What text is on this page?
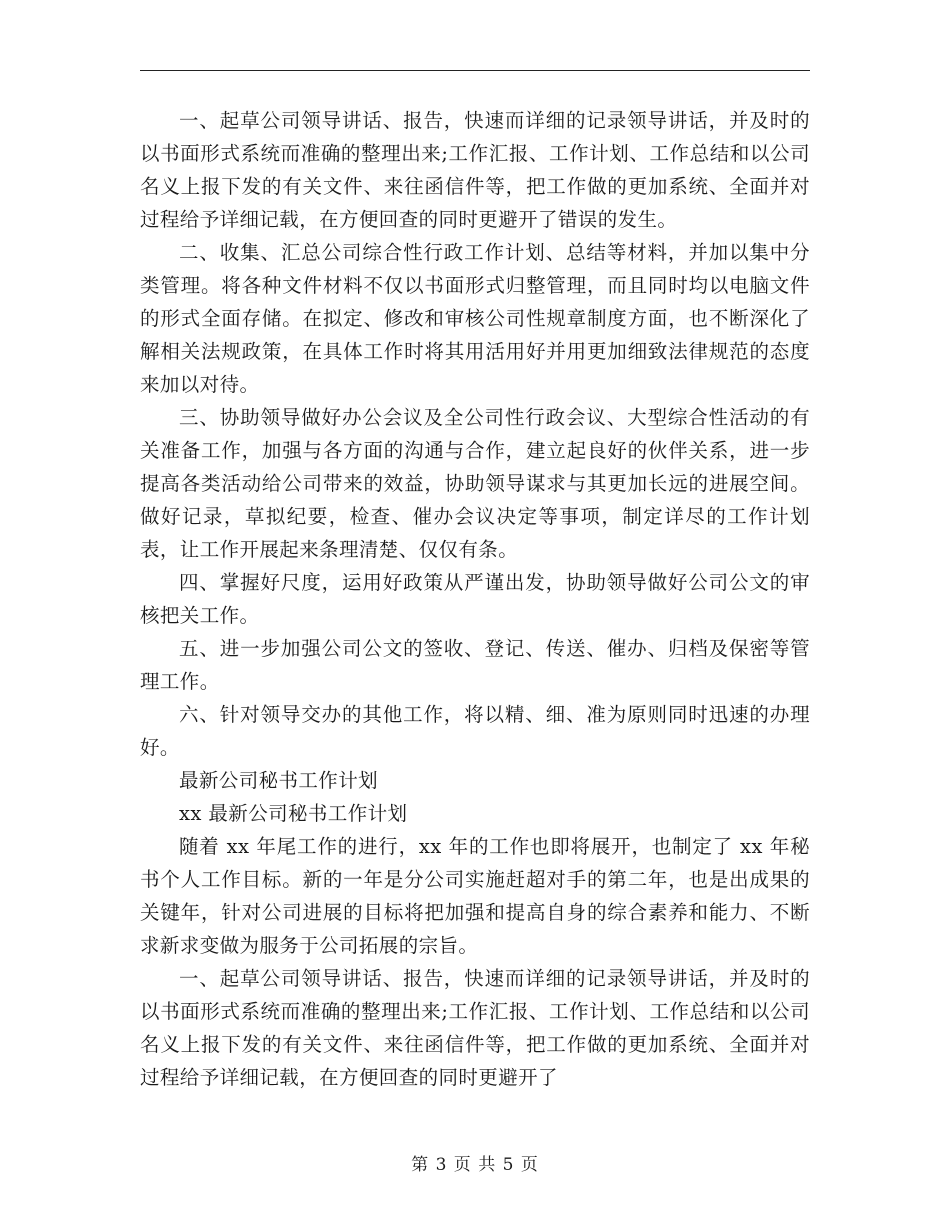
一、起草公司领导讲话、报告，快速而详细的记录领导讲话，并及时的以书面形式系统而准确的整理出来;工作汇报、工作计划、工作总结和以公司名义上报下发的有关文件、来往函信件等，把工作做的更加系统、全面并对过程给予详细记载，在方便回查的同时更避开了错误的发生。

二、收集、汇总公司综合性行政工作计划、总结等材料，并加以集中分类管理。将各种文件材料不仅以书面形式归整管理，而且同时均以电脑文件的形式全面存储。在拟定、修改和审核公司性规章制度方面，也不断深化了解相关法规政策，在具体工作时将其用活用好并用更加细致法律规范的态度来加以对待。

三、协助领导做好办公会议及全公司性行政会议、大型综合性活动的有关准备工作，加强与各方面的沟通与合作，建立起良好的伙伴关系，进一步提高各类活动给公司带来的效益，协助领导谋求与其更加长远的进展空间。做好记录，草拟纪要，检查、催办会议决定等事项，制定详尽的工作计划表，让工作开展起来条理清楚、仅仅有条。

四、掌握好尺度，运用好政策从严谨出发，协助领导做好公司公文的审核把关工作。

五、进一步加强公司公文的签收、登记、传送、催办、归档及保密等管理工作。

六、针对领导交办的其他工作，将以精、细、准为原则同时迅速的办理好。

最新公司秘书工作计划

xx 最新公司秘书工作计划

随着 xx 年尾工作的进行，xx 年的工作也即将展开，也制定了 xx 年秘书个人工作目标。新的一年是分公司实施赶超对手的第二年，也是出成果的关键年，针对公司进展的目标将把加强和提高自身的综合素养和能力、不断求新求变做为服务于公司拓展的宗旨。

一、起草公司领导讲话、报告，快速而详细的记录领导讲话，并及时的以书面形式系统而准确的整理出来;工作汇报、工作计划、工作总结和以公司名义上报下发的有关文件、来往函信件等，把工作做的更加系统、全面并对过程给予详细记载，在方便回查的同时更避开了

第 3 页 共 5 页
